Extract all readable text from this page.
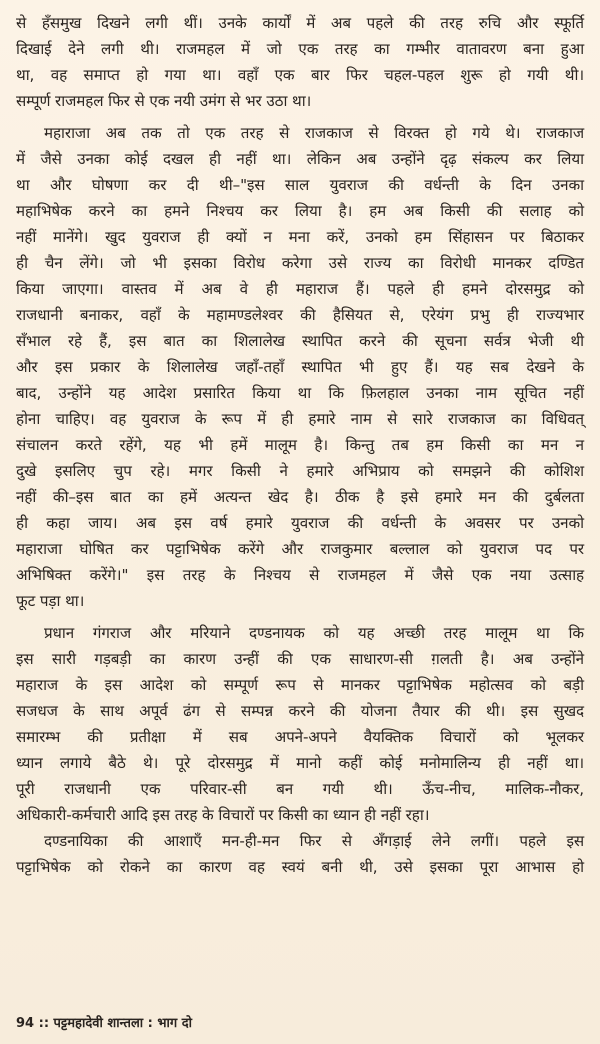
से हँसमुख दिखने लगी थीं। उनके कार्यों में अब पहले की तरह रुचि और स्फूर्ति
दिखाई देने लगी थी। राजमहल में जो एक तरह का गम्भीर वातावरण बना हुआ
था, वह समाप्त हो गया था। वहाँ एक बार फिर चहल-पहल शुरू हो गयी थी।
सम्पूर्ण राजमहल फिर से एक नयी उमंग से भर उठा था।
महाराजा अब तक तो एक तरह से राजकाज से विरक्त हो गये थे। राजकाज
में जैसे उनका कोई दखल ही नहीं था। लेकिन अब उन्होंने दृढ़ संकल्प कर लिया
था और घोषणा कर दी थी–"इस साल युवराज की वर्धन्ती के दिन उनका
महाभिषेक करने का हमने निश्चय कर लिया है। हम अब किसी की सलाह को
नहीं मानेंगे। खुद युवराज ही क्यों न मना करें, उनको हम सिंहासन पर बिठाकर
ही चैन लेंगे। जो भी इसका विरोध करेगा उसे राज्य का विरोधी मानकर दण्डित
किया जाएगा। वास्तव में अब वे ही महाराज हैं। पहले ही हमने दोरसमुद्र को
राजधानी बनाकर, वहाँ के महामण्डलेश्वर की हैसियत से, एरेयंग प्रभु ही राज्यभार
सँभाल रहे हैं, इस बात का शिलालेख स्थापित करने की सूचना सर्वत्र भेजी थी
और इस प्रकार के शिलालेख जहाँ-तहाँ स्थापित भी हुए हैं। यह सब देखने के
बाद, उन्होंने यह आदेश प्रसारित किया था कि फ़िलहाल उनका नाम सूचित नहीं
होना चाहिए। वह युवराज के रूप में ही हमारे नाम से सारे राजकाज का विधिवत्
संचालन करते रहेंगे, यह भी हमें मालूम है। किन्तु तब हम किसी का मन न
दुखे इसलिए चुप रहे। मगर किसी ने हमारे अभिप्राय को समझने की कोशिश
नहीं की–इस बात का हमें अत्यन्त खेद है। ठीक है इसे हमारे मन की दुर्बलता
ही कहा जाय। अब इस वर्ष हमारे युवराज की वर्धन्ती के अवसर पर उनको
महाराजा घोषित कर पट्टाभिषेक करेंगे और राजकुमार बल्लाल को युवराज पद पर
अभिषिक्त करेंगे।" इस तरह के निश्चय से राजमहल में जैसे एक नया उत्साह
फूट पड़ा था।
प्रधान गंगराज और मरियाने दण्डनायक को यह अच्छी तरह मालूम था कि
इस सारी गड़बड़ी का कारण उन्हीं की एक साधारण-सी ग़लती है। अब उन्होंने
महाराज के इस आदेश को सम्पूर्ण रूप से मानकर पट्टाभिषेक महोत्सव को बड़ी
सजधज के साथ अपूर्व ढंग से सम्पन्न करने की योजना तैयार की थी। इस सुखद
समारम्भ की प्रतीक्षा में सब अपने-अपने वैयक्तिक विचारों को भूलकर
ध्यान लगाये बैठे थे। पूरे दोरसमुद्र में मानो कहीं कोई मनोमालिन्य ही नहीं था।
पूरी राजधानी एक परिवार-सी बन गयी थी। ऊँच-नीच, मालिक-नौकर,
अधिकारी-कर्मचारी आदि इस तरह के विचारों पर किसी का ध्यान ही नहीं रहा।
दण्डनायिका की आशाएँ मन-ही-मन फिर से अँगड़ाई लेने लगीं। पहले इस
पट्टाभिषेक को रोकने का कारण वह स्वयं बनी थी, उसे इसका पूरा आभास हो
94 :: पट्टमहादेवी शान्तला : भाग दो
